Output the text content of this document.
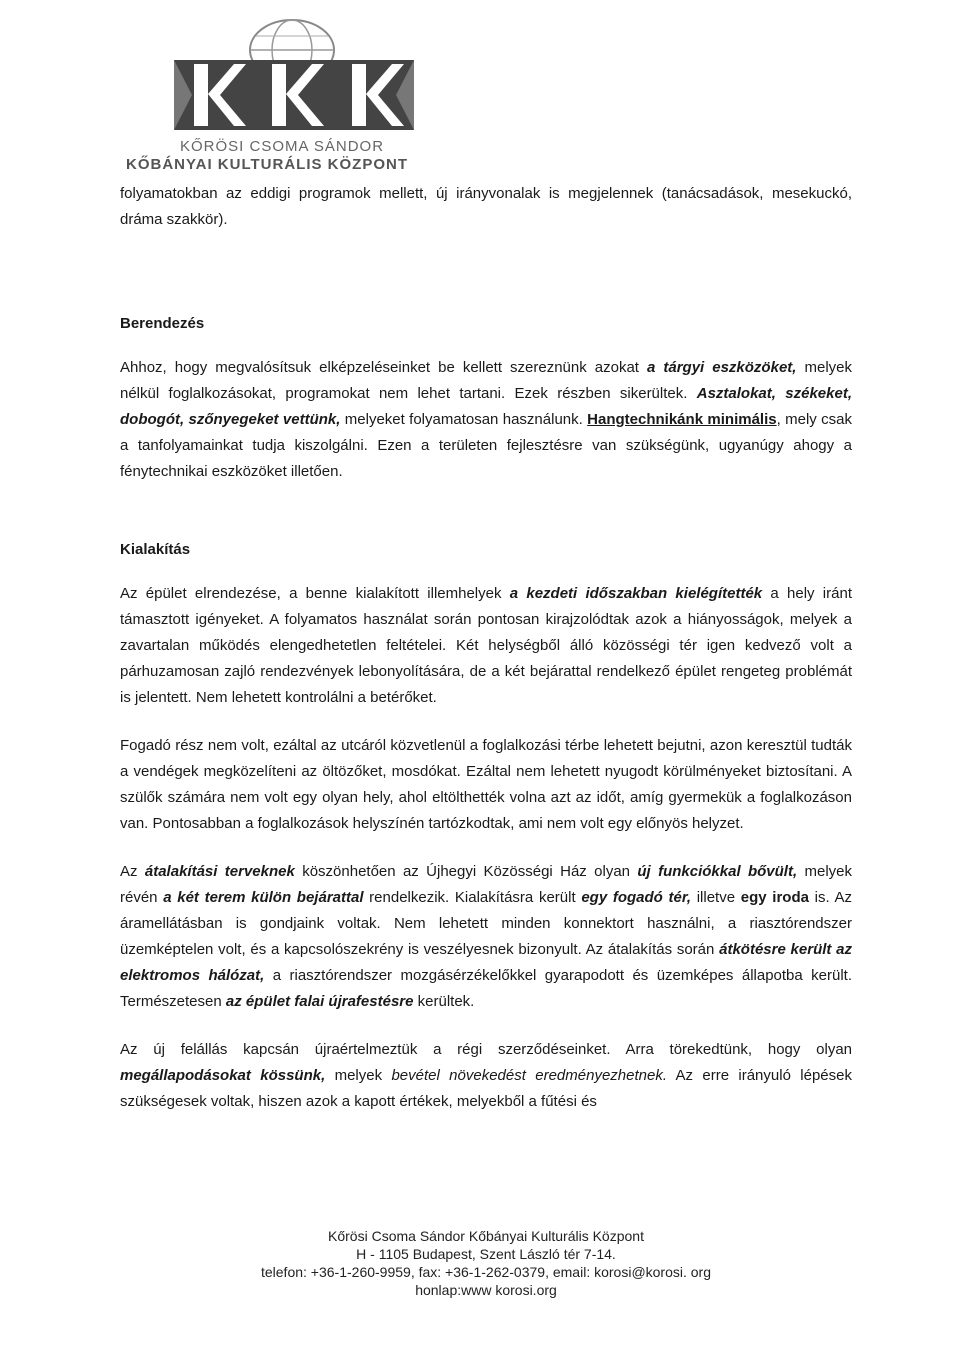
KŐRÖSI CSOMA SÁNDOR
KŐBÁNYAI KULTURÁLIS KÖZPONT

folyamatokban az eddigi programok mellett, új irányvonalak is megjelennek (tanácsadások, mesekuckó, dráma szakkör).

Berendezés

Ahhoz, hogy megvalósítsuk elképzeléseinket be kellett szereznünk azokat a tárgyi eszközöket, melyek nélkül foglalkozásokat, programokat nem lehet tartani. Ezek részben sikerültek. Asztalokat, székeket, dobogót, szőnyegeket vettünk, melyeket folyamatosan használunk. Hangtechnikánk minimális, mely csak a tanfolyamainkat tudja kiszolgálni. Ezen a területen fejlesztésre van szükségünk, ugyanúgy ahogy a fénytechnikai eszközöket illetően.

Kialakítás

Az épület elrendezése, a benne kialakított illemhelyek a kezdeti időszakban kielégítették a hely iránt támasztott igényeket. A folyamatos használat során pontosan kirajzolódtak azok a hiányosságok, melyek a zavartalan működés elengedhetetlen feltételei. Két helységből álló közösségi tér igen kedvező volt a párhuzamosan zajló rendezvények lebonyolítására, de a két bejárattal rendelkező épület rengeteg problémát is jelentett. Nem lehetett kontrolálni a betérőket.

Fogadó rész nem volt, ezáltal az utcáról közvetlenül a foglalkozási térbe lehetett bejutni, azon keresztül tudták a vendégek megközelíteni az öltözőket, mosdókat. Ezáltal nem lehetett nyugodt körülményeket biztosítani. A szülők számára nem volt egy olyan hely, ahol eltölthették volna azt az időt, amíg gyermekük a foglalkozáson van. Pontosabban a foglalkozások helyszínén tartózkodtak, ami nem volt egy előnyös helyzet.

Az átalakítási terveknek köszönhetően az Újhegyi Közösségi Ház olyan új funkciókkal bővült, melyek révén a két terem külön bejárattal rendelkezik. Kialakításra került egy fogadó tér, illetve egy iroda is. Az áramellátásban is gondjaink voltak. Nem lehetett minden konnektort használni, a riasztórendszer üzemképtelen volt, és a kapcsolószekrény is veszélyesnek bizonyult. Az átalakítás során átkötésre került az elektromos hálózat, a riasztórendszer mozgásérzékelőkkel gyarapodott és üzemképes állapotba került. Természetesen az épület falai újrafestésre kerültek.

Az új felállás kapcsán újraértelmeztük a régi szerződéseinket. Arra törekedtünk, hogy olyan megállapodásokat kössünk, melyek bevétel növekedést eredményezhetnek. Az erre irányuló lépések szükségesek voltak, hiszen azok a kapott értékek, melyekből a fűtési és

Kőrösi Csoma Sándor Kőbányai Kulturális Központ
H - 1105 Budapest, Szent László tér 7-14.
telefon: +36-1-260-9959, fax: +36-1-262-0379, email: korosi@korosi. org
honlap:www korosi.org
